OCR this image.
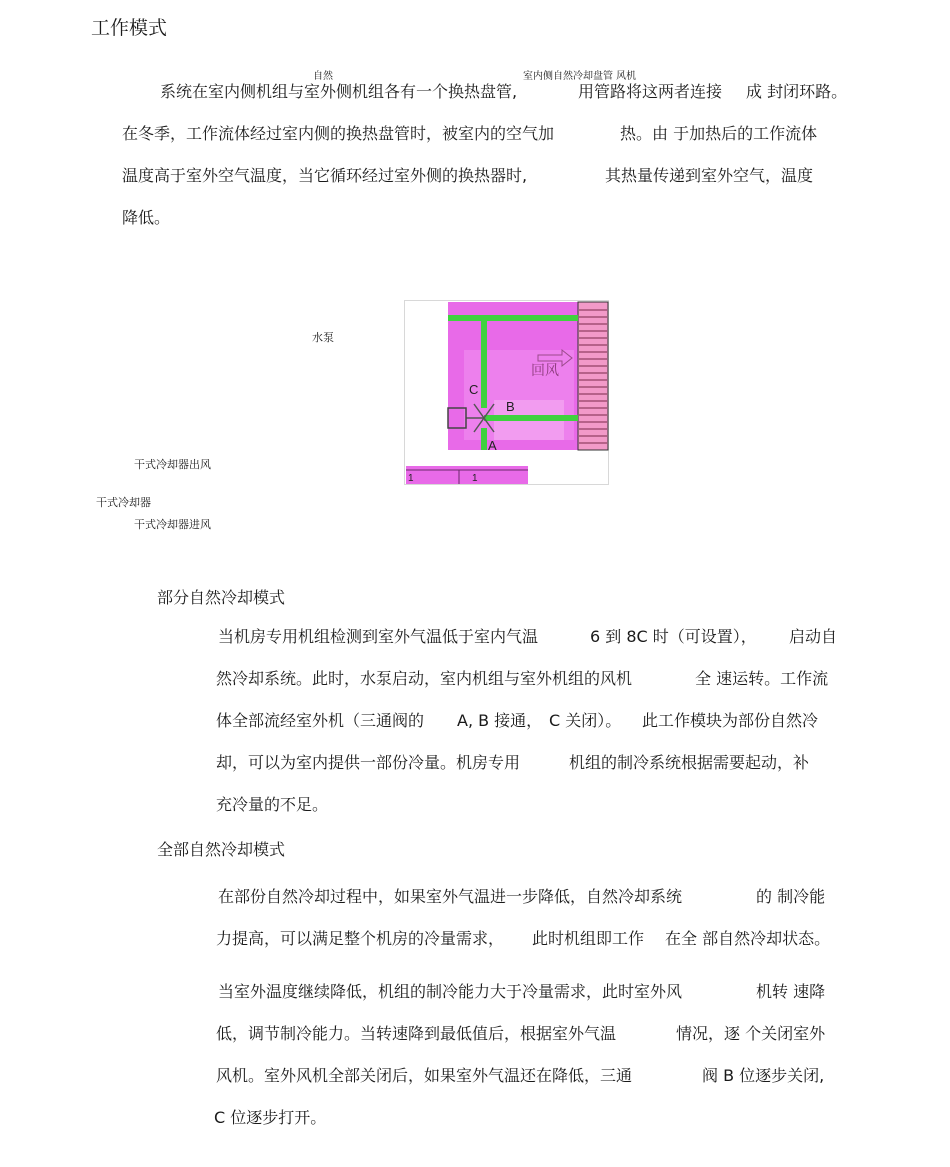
工作模式
自然	室内侧自然冷却盘管 风机
系统在室内侧机组与室外侧机组各有一个换热盘管,	用管路将这两者连接 成 封闭环路。
在冬季，工作流体经过室内侧的换热盘管时，被室内的空气加	热。由 于加热后的工作流体
温度高于室外空气温度，当它循环经过室外侧的换热器时,	其热量传递到室外空气，温度
降低。
水泵
干式冷却器出风
干式冷却器
干式冷却器进风
C
B
A
回风
1	1
部分自然冷却模式
当机房专用机组检测到室外气温低于室内气温	6 到 8C 时（可设置）， 启动自
然冷却系统。此时，水泵启动，室内机组与室外机组的风机	全 速运转。工作流
体全部流经室外机（三通阀的 A, B 接通， C 关闭）。 此工作模块为部份自然冷
却，可以为室内提供一部份冷量。机房专用	机组的制冷系统根据需要起动，补
充冷量的不足。
全部自然冷却模式
在部份自然冷却过程中，如果室外气温进一步降低，自然冷却系统	的 制冷能
力提高，可以满足整个机房的冷量需求， 此时机组即工作 在全 部自然冷却状态。
当室外温度继续降低，机组的制冷能力大于冷量需求，此时室外风	机转 速降
低，调节制冷能力。当转速降到最低值后，根据室外气温	情况，逐 个关闭室外
风机。室外风机全部关闭后，如果室外气温还在降低，三通	阀 B 位逐步关闭,
C 位逐步打开。
